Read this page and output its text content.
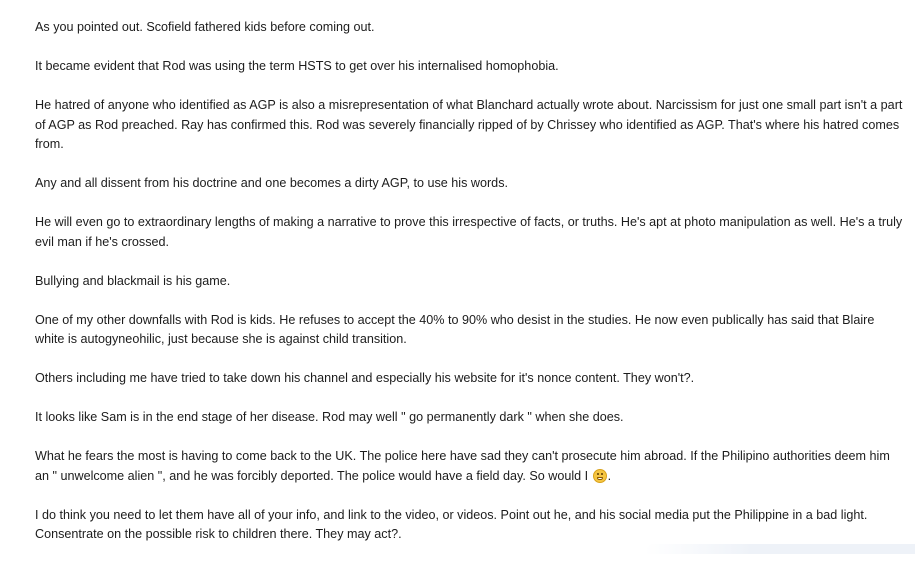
As you pointed out. Scofield fathered kids before coming out.

It became evident that Rod was using the term HSTS to get over his internalised homophobia.

He hatred of anyone who identified as AGP is also a misrepresentation of what Blanchard actually wrote about. Narcissism for just one small part isn't a part of AGP as Rod preached. Ray has confirmed this. Rod was severely financially ripped of by Chrissey who identified as AGP. That's where his hatred comes from.

Any and all dissent from his doctrine and one becomes a dirty AGP, to use his words.

He will even go to extraordinary lengths of making a narrative to prove this irrespective of facts, or truths. He's apt at photo manipulation as well. He's a truly evil man if he's crossed.

Bullying and blackmail is his game.

One of my other downfalls with Rod is kids. He refuses to accept the 40% to 90% who desist in the studies. He now even publically has said that Blaire white is autogyneohilic, just because she is against child transition.

Others including me have tried to take down his channel and especially his website for it's nonce content. They won't?.

It looks like Sam is in the end stage of her disease. Rod may well " go permanently dark " when she does.

What he fears the most is having to come back to the UK. The police here have sad they can't prosecute him abroad. If the Philipino authorities deem him an " unwelcome alien ", and he was forcibly deported. The police would have a field day. So would I .

I do think you need to let them have all of your info, and link to the video, or videos. Point out he, and his social media put the Philippine in a bad light. Consentrate on the possible risk to children there. They may act?.
